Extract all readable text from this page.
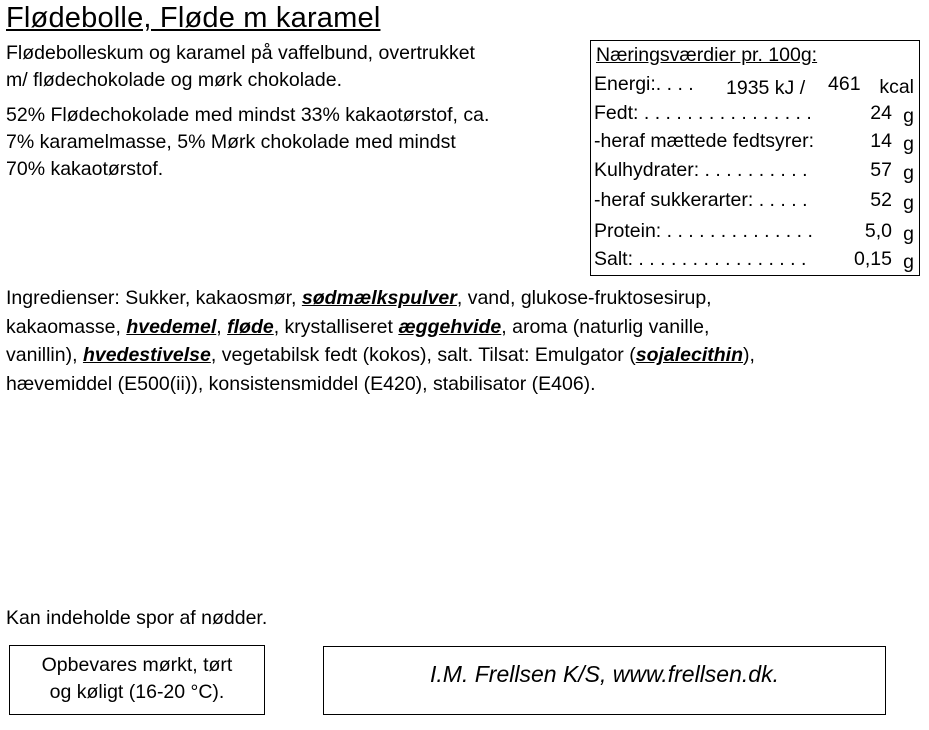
Flødebolle, Fløde m karamel
Flødebolleskum og karamel på vaffelbund, overtrukket
m/ flødechokolade og mørk chokolade.
52% Flødechokolade med mindst 33% kakaotørstof, ca.
7% karamelmasse, 5% Mørk chokolade med mindst
70% kakaotørstof.
Næringsværdier pr. 100g:
Energi:. . . . 1935 kJ / 461 kcal
Fedt: . . . . . . . . . . . . . . . .	24 g
-heraf mættede fedtsyrer:	14 g
Kulhydrater: . . . . . . . . . .	57 g
-heraf sukkerarter: . . . . .	52 g
Protein: . . . . . . . . . . . . . .	5,0 g
Salt: . . . . . . . . . . . . . . . . 0,15 g
Ingredienser: Sukker, kakaosmør, sødmælkspulver, vand, glukose-fruktosesirup,
kakaomasse, hvedemel, fløde, krystalliseret æggehvide, aroma (naturlig vanille,
vanillin), hvedestivelse, vegetabilsk fedt (kokos), salt. Tilsat: Emulgator (sojalecithin),
hævemiddel (E500(ii)), konsistensmiddel (E420), stabilisator (E406).
Kan indeholde spor af nødder.
Opbevares mørkt, tørt
og køligt (16-20 °C).
I.M. Frellsen K/S, www.frellsen.dk.
